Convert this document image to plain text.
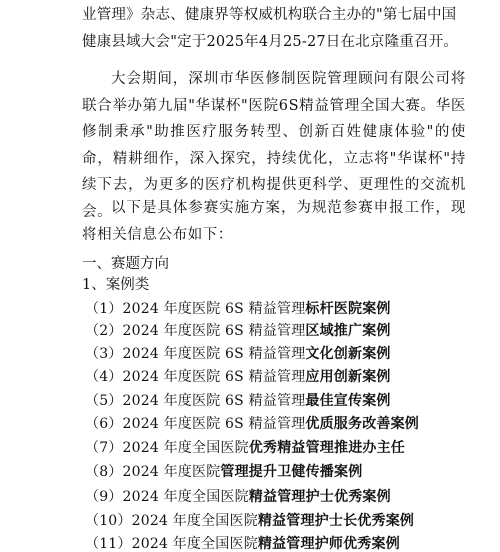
业管理》杂志、健康界等权威机构联合主办的"第七届中国
健康县域大会"定于2025年4月25-27日在北京隆重召开。
大会期间，深圳市华医修制医院管理顾问有限公司将联合举办第九届"华谋杯"医院6S精益管理全国大赛。华医修制秉承"助推医疗服务转型、创新百姓健康体验"的使命，精耕细作，深入探究，持续优化，立志将"华谋杯"持续下去，为更多的医疗机构提供更科学、更理性的交流机会。
以下是具体参赛实施方案，为规范参赛申报工作，现将相关信息公布如下：
一、赛题方向
1、案例类
（1）2024 年度医院 6S 精益管理标杆医院案例
（2）2024 年度医院 6S 精益管理区域推广案例
（3）2024 年度医院 6S 精益管理文化创新案例
（4）2024 年度医院 6S 精益管理应用创新案例
（5）2024 年度医院 6S 精益管理最佳宣传案例
（6）2024 年度医院 6S 精益管理优质服务改善案例
（7）2024 年度全国医院优秀精益管理推进办主任
（8）2024 年度医院管理提升卫健传播案例
（9）2024 年度全国医院精益管理护士优秀案例
（10）2024 年度全国医院精益管理护士长优秀案例
（11）2024 年度全国医院精益管理护师优秀案例
